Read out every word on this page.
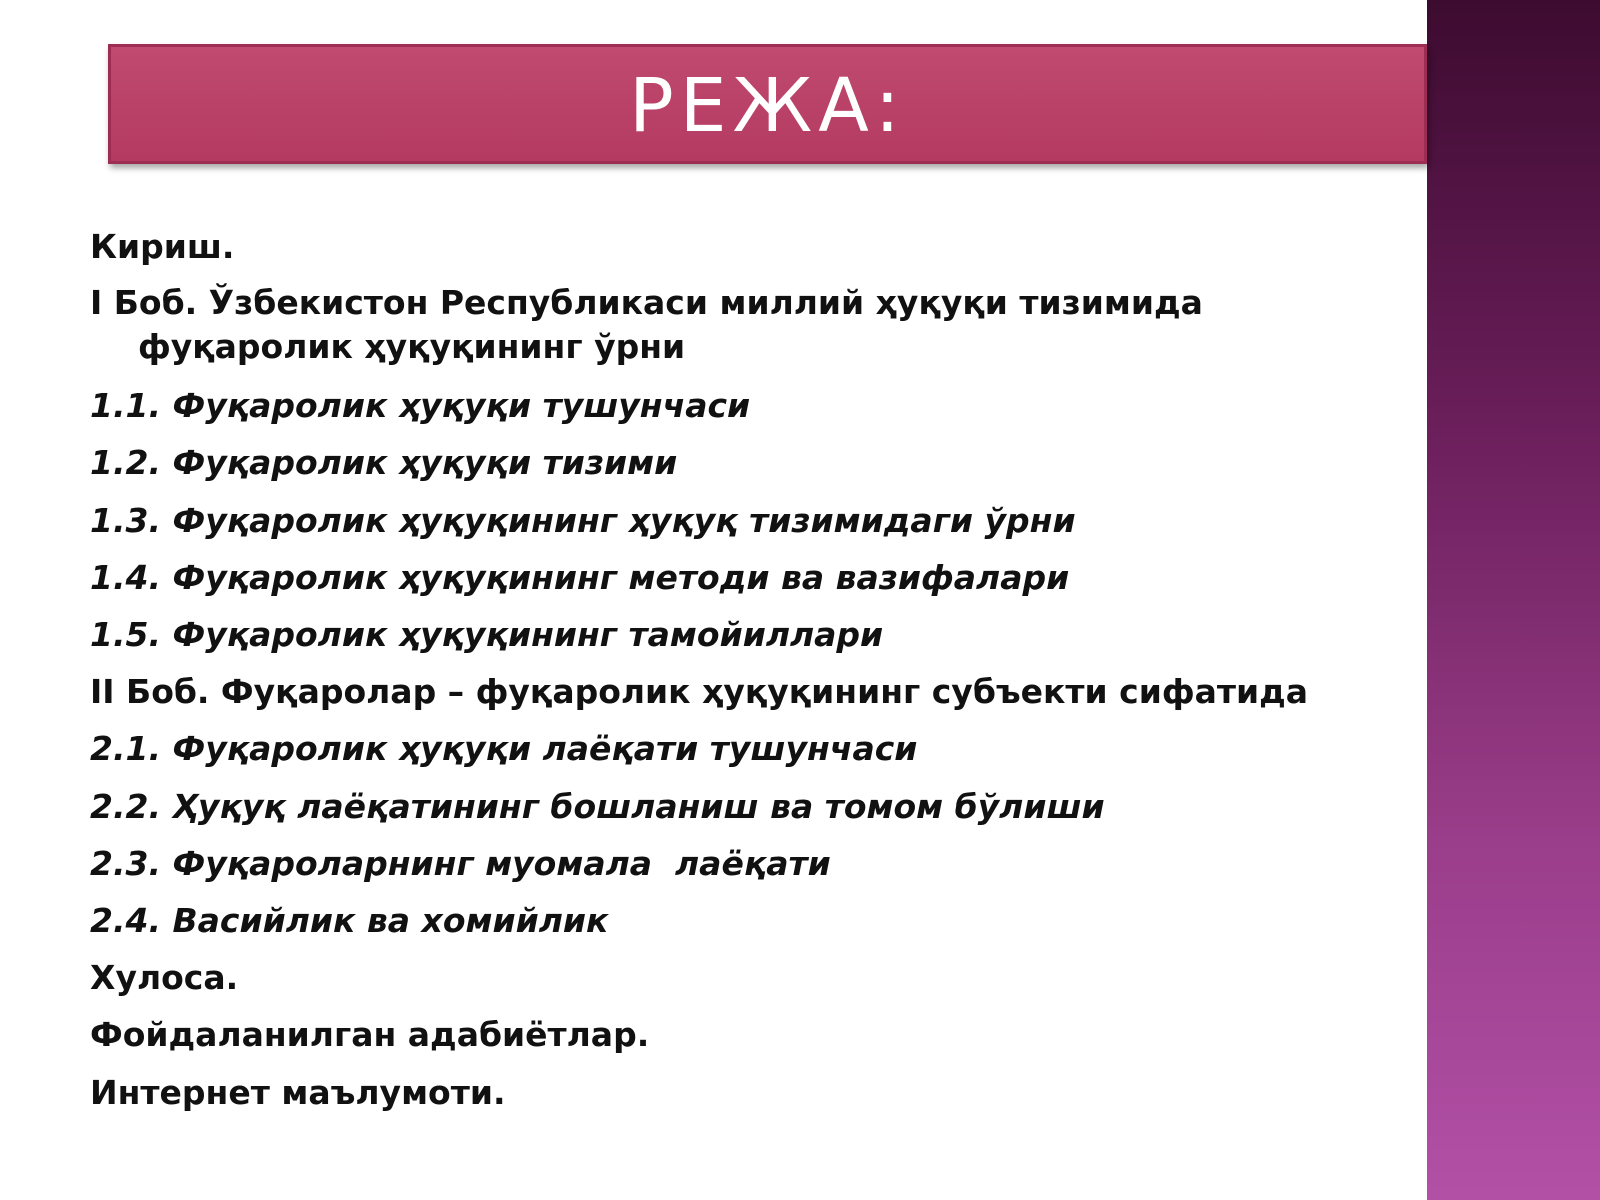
РЕЖА:
Кириш.
I Боб. Ўзбекистон Республикаси миллий ҳуқуқи тизимида фуқаролик ҳуқуқининг ўрни
1.1. Фуқаролик ҳуқуқи тушунчаси
1.2. Фуқаролик ҳуқуқи тизими
1.3. Фуқаролик ҳуқуқининг ҳуқуқ тизимидаги ўрни
1.4. Фуқаролик ҳуқуқининг методи ва вазифалари
1.5. Фуқаролик ҳуқуқининг тамойиллари
II Боб. Фуқаролар – фуқаролик ҳуқуқининг субъекти сифатида
2.1. Фуқаролик ҳуқуқи лаёқати тушунчаси
2.2. Ҳуқуқ лаёқатининг бошланиш ва томом бўлиши
2.3. Фуқароларнинг муомала  лаёқати
2.4. Васийлик ва хомийлик
Хулоса.
Фойдаланилган адабиётлар.
Интернет маълумоти.
